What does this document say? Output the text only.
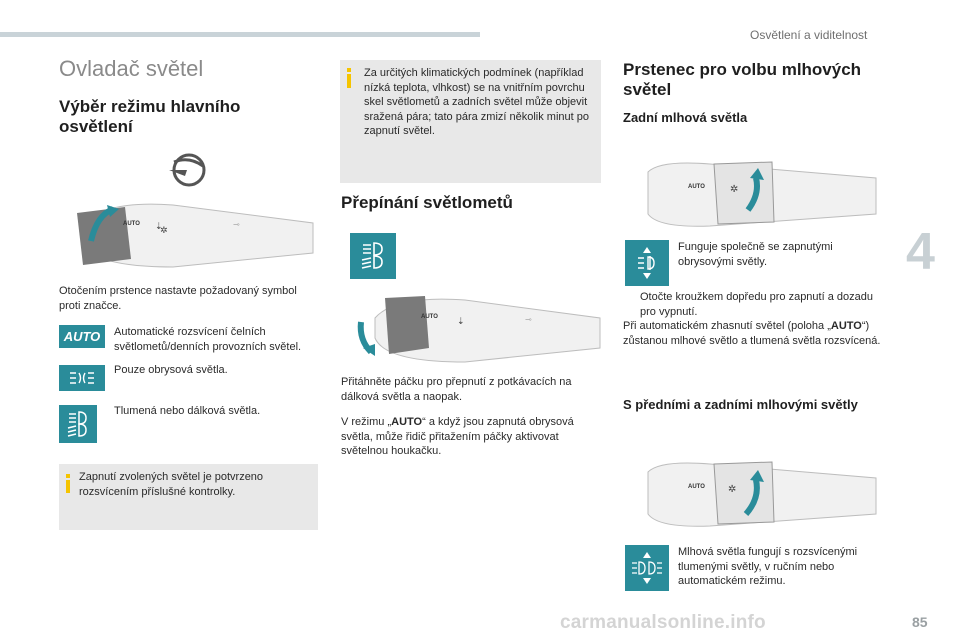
Osvětlení a viditelnost
4
85
carmanualsonline.info
Ovladač světel
Výběr režimu hlavního osvětlení
AUTO ⇣
✲
⊸
Otočením prstence nastavte požadovaný symbol proti značce.
AUTO Automatické rozsvícení čelních světlometů/denních provozních světel.
Pouze obrysová světla.
Tlumená nebo dálková světla.
Zapnutí zvolených světel je potvrzeno rozsvícením příslušné kontrolky.
Za určitých klimatických podmínek (například nízká teplota, vlhkost) se na vnitřním povrchu skel světlometů a zadních světel může objevit sražená pára; tato pára zmizí několik minut po zapnutí světel.
Přepínání světlometů
AUTO ⇣	⊸
Přitáhněte páčku pro přepnutí z potkávacích na dálková světla a naopak.
V režimu „AUTO“ a když jsou zapnutá obrysová světla, může řidič přitažením páčky aktivovat světelnou houkačku.
Prstenec pro volbu mlhových světel
Zadní mlhová světla
AUTO	✲
Funguje společně se zapnutými obrysovými světly.
Otočte kroužkem dopředu pro zapnutí a dozadu pro vypnutí.
Při automatickém zhasnutí světel (poloha „AUTO“) zůstanou mlhové světlo a tlumená světla rozsvícená.
S předními a zadními mlhovými světly
AUTO ✲
Mlhová světla fungují s rozsvícenými tlumenými světly, v ručním nebo automatickém režimu.
